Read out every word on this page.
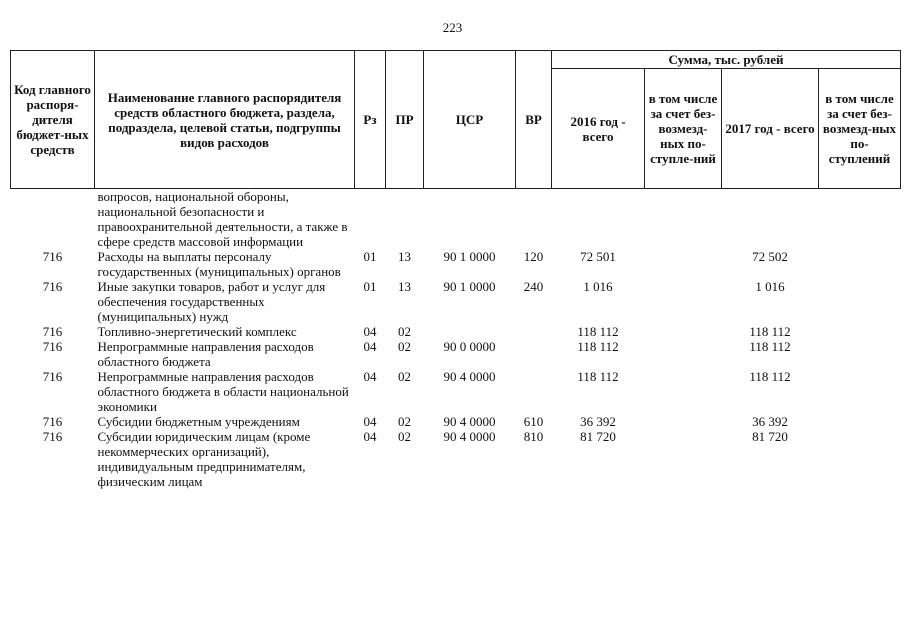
223
Код главного распоря-дителя бюджет-ных средств	Наименование главного распорядителя средств областного бюджета, раздела, подраздела, целевой статьи, подгруппы видов расходов	Рз	ПР	ЦСР	ВР	Сумма, тыс. рублей			
						2016 год - всего	в том числе за счет без-возмезд-ных по-ступле-ний	2017 год - всего	в том числе за счет без-возмезд-ных по-ступлений
	вопросов, национальной обороны, национальной безопасности и правоохранительной деятельности, а также в сфере средств массовой информации								
716	Расходы на выплаты персоналу государственных (муниципальных) органов	01	13	90 1 0000	120	72 501		72 502	
716	Иные закупки товаров, работ и услуг для обеспечения государственных (муниципальных) нужд	01	13	90 1 0000	240	1 016		1 016	
716	Топливно-энергетический комплекс	04	02			118 112		118 112	
716	Непрограммные направления расходов областного бюджета	04	02	90 0 0000		118 112		118 112	
716	Непрограммные направления расходов областного бюджета в области национальной экономики	04	02	90 4 0000		118 112		118 112	
716	Субсидии бюджетным учреждениям	04	02	90 4 0000	610	36 392		36 392	
716	Субсидии юридическим лицам (кроме некоммерческих организаций), индивидуальным предпринимателям, физическим лицам	04	02	90 4 0000	810	81 720		81 720	
